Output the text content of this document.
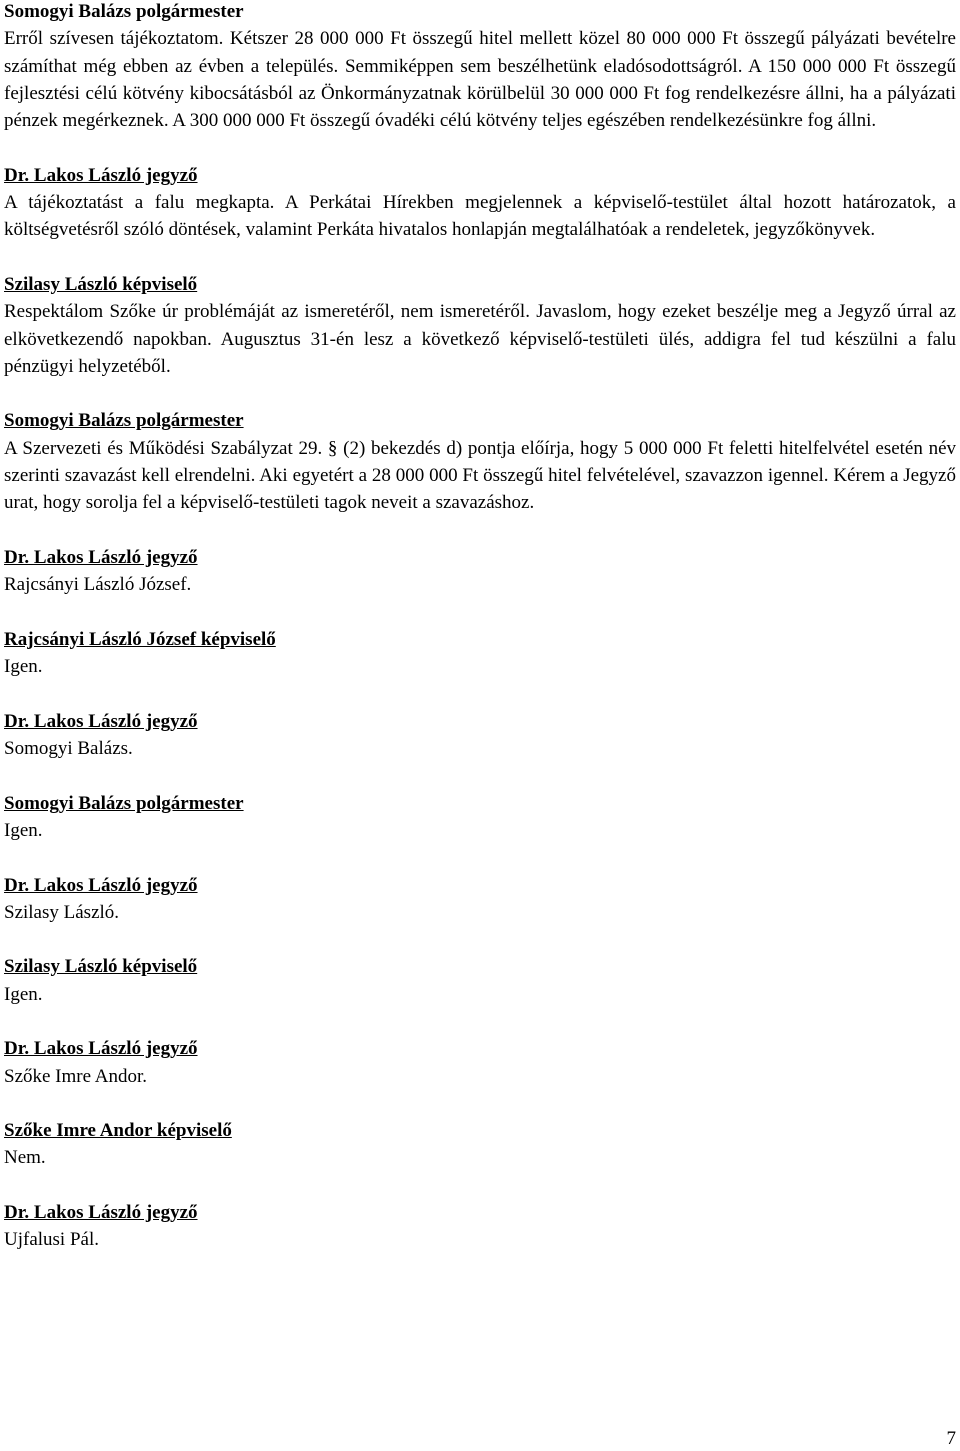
Somogyi Balázs polgármester
Erről szívesen tájékoztatom. Kétszer 28 000 000 Ft összegű hitel mellett közel 80 000 000 Ft összegű pályázati bevételre számíthat még ebben az évben a település. Semmiképpen sem beszélhetünk eladósodottságról. A 150 000 000 Ft összegű fejlesztési célú kötvény kibocsátásból az Önkormányzatnak körülbelül 30 000 000 Ft fog rendelkezésre állni, ha a pályázati pénzek megérkeznek. A 300 000 000 Ft összegű óvadéki célú kötvény teljes egészében rendelkezésünkre fog állni.
Dr. Lakos László jegyző
A tájékoztatást a falu megkapta. A Perkátai Hírekben megjelennek a képviselő-testület által hozott határozatok, a költségvetésről szóló döntések, valamint Perkáta hivatalos honlapján megtalálhatóak a rendeletek, jegyzőkönyvek.
Szilasy László képviselő
Respektálom Szőke úr problémáját az ismeretéről, nem ismeretéről. Javaslom, hogy ezeket beszélje meg a Jegyző úrral az elkövetkezendő napokban. Augusztus 31-én lesz a következő képviselő-testületi ülés, addigra fel tud készülni a falu pénzügyi helyzetéből.
Somogyi Balázs polgármester
A Szervezeti és Működési Szabályzat 29. § (2) bekezdés d) pontja előírja, hogy 5 000 000 Ft feletti hitelfelvétel esetén név szerinti szavazást kell elrendelni. Aki egyetért a 28 000 000 Ft összegű hitel felvételével, szavazzon igennel. Kérem a Jegyző urat, hogy sorolja fel a képviselő-testületi tagok neveit a szavazáshoz.
Dr. Lakos László jegyző
Rajcsányi László József.
Rajcsányi László József képviselő
Igen.
Dr. Lakos László jegyző
Somogyi Balázs.
Somogyi Balázs polgármester
Igen.
Dr. Lakos László jegyző
Szilasy László.
Szilasy László képviselő
Igen.
Dr. Lakos László jegyző
Szőke Imre Andor.
Szőke Imre Andor képviselő
Nem.
Dr. Lakos László jegyző
Ujfalusi Pál.
7
